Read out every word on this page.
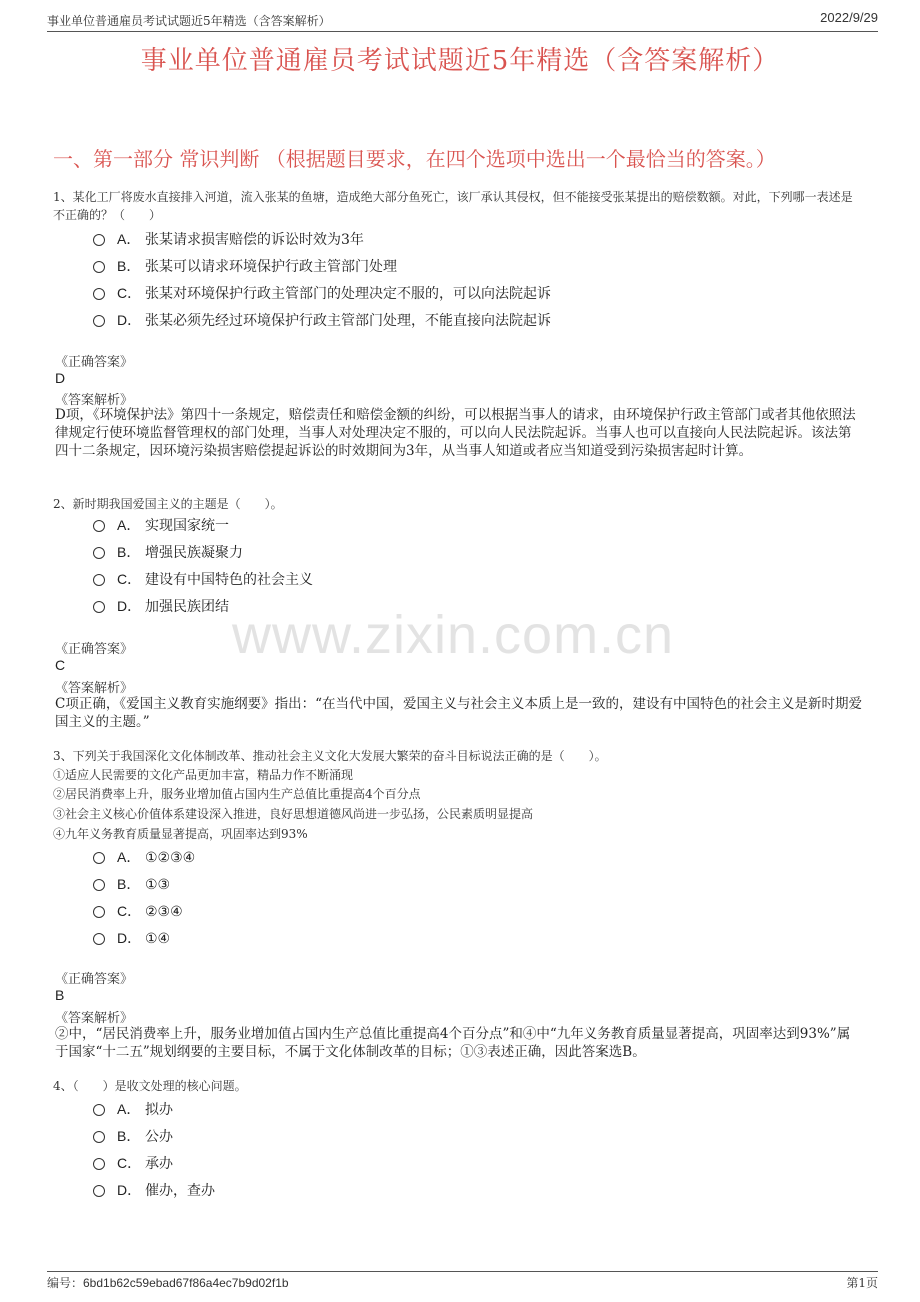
事业单位普通雇员考试试题近5年精选（含答案解析）	2022/9/29
事业单位普通雇员考试试题近5年精选（含答案解析）
一、第一部分 常识判断 （根据题目要求，在四个选项中选出一个最恰当的答案。）
www.zixin.com.cn
1、某化工厂将废水直接排入河道，流入张某的鱼塘，造成绝大部分鱼死亡，该厂承认其侵权，但不能接受张某提出的赔偿数额。对此，下列哪一表述是不正确的？（　　）
A． 张某请求损害赔偿的诉讼时效为3年
B． 张某可以请求环境保护行政主管部门处理
C． 张某对环境保护行政主管部门的处理决定不服的，可以向法院起诉
D． 张某必须先经过环境保护行政主管部门处理，不能直接向法院起诉
《正确答案》
D
《答案解析》
D项，《环境保护法》第四十一条规定，赔偿责任和赔偿金额的纠纷，可以根据当事人的请求，由环境保护行政主管部门或者其他依照法律规定行使环境监督管理权的部门处理，当事人对处理决定不服的，可以向人民法院起诉。当事人也可以直接向人民法院起诉。该法第四十二条规定，因环境污染损害赔偿提起诉讼的时效期间为3年，从当事人知道或者应当知道受到污染损害起时计算。
2、新时期我国爱国主义的主题是（　　）。
A． 实现国家统一
B． 增强民族凝聚力
C． 建设有中国特色的社会主义
D． 加强民族团结
《正确答案》
C
《答案解析》
C项正确，《爱国主义教育实施纲要》指出：“在当代中国，爱国主义与社会主义本质上是一致的，建设有中国特色的社会主义是新时期爱国主义的主题。”
3、下列关于我国深化文化体制改革、推动社会主义文化大发展大繁荣的奋斗目标说法正确的是（　　）。
①适应人民需要的文化产品更加丰富，精品力作不断涌现
②居民消费率上升，服务业增加值占国内生产总值比重提高4个百分点
③社会主义核心价值体系建设深入推进，良好思想道德风尚进一步弘扬，公民素质明显提高
④九年义务教育质量显著提高，巩固率达到93%
A． ①②③④
B． ①③
C． ②③④
D． ①④
《正确答案》
B
《答案解析》
②中，“居民消费率上升，服务业增加值占国内生产总值比重提高4个百分点”和④中“九年义务教育质量显著提高，巩固率达到93%”属于国家“十二五”规划纲要的主要目标，不属于文化体制改革的目标；①③表述正确，因此答案选B。
4、（　　）是收文处理的核心问题。
A． 拟办
B． 公办
C． 承办
D． 催办，查办
编号：6bd1b62c59ebad67f86a4ec7b9d02f1b	第1页
